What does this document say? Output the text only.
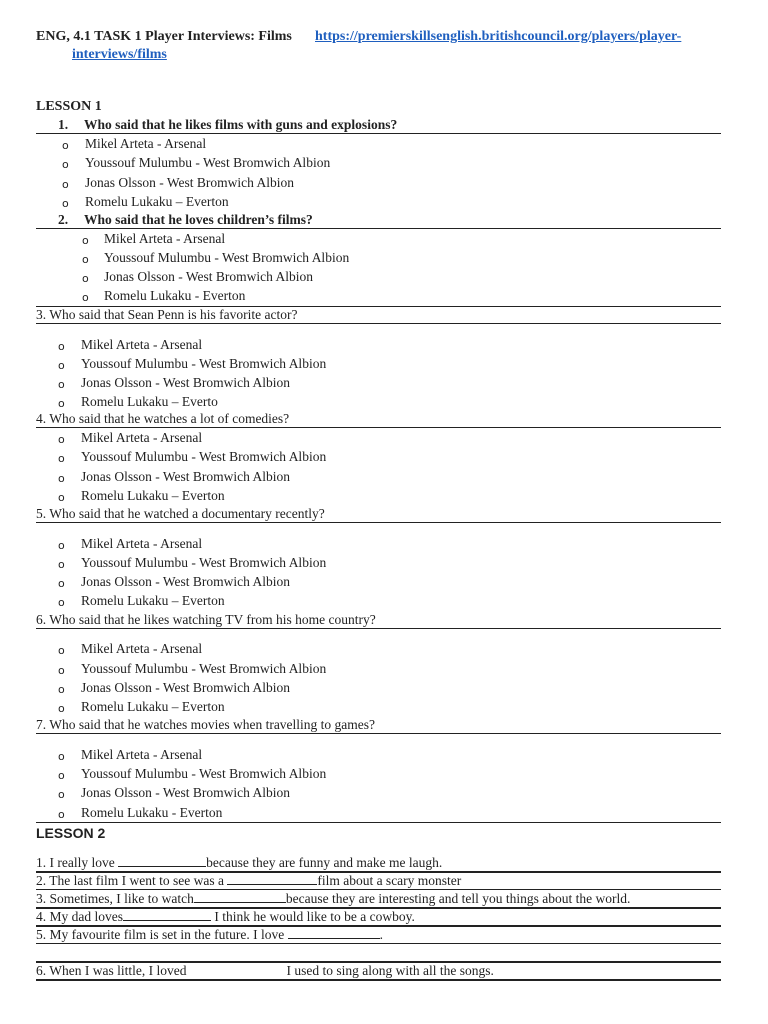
ENG, 4.1 TASK 1 Player Interviews: Films https://premierskillsenglish.britishcouncil.org/players/player-
interviews/films
LESSON 1
1. Who said that he likes films with guns and explosions?
o Mikel Arteta - Arsenal
o Youssouf Mulumbu - West Bromwich Albion
o Jonas Olsson - West Bromwich Albion
o Romelu Lukaku – Everton
2. Who said that he loves children’s films?
o Mikel Arteta - Arsenal
o Youssouf Mulumbu - West Bromwich Albion
o Jonas Olsson - West Bromwich Albion
o Romelu Lukaku - Everton
3. Who said that Sean Penn is his favorite actor?
o Mikel Arteta - Arsenal
o Youssouf Mulumbu - West Bromwich Albion
o Jonas Olsson - West Bromwich Albion
o Romelu Lukaku – Everto
4. Who said that he watches a lot of comedies?
o Mikel Arteta - Arsenal
o Youssouf Mulumbu - West Bromwich Albion
o Jonas Olsson - West Bromwich Albion
o Romelu Lukaku – Everton
5. Who said that he watched a documentary recently?
o Mikel Arteta - Arsenal
o Youssouf Mulumbu - West Bromwich Albion
o Jonas Olsson - West Bromwich Albion
o Romelu Lukaku – Everton
6. Who said that he likes watching TV from his home country?
o Mikel Arteta - Arsenal
o Youssouf Mulumbu - West Bromwich Albion
o Jonas Olsson - West Bromwich Albion
o Romelu Lukaku – Everton
7. Who said that he watches movies when travelling to games?
o Mikel Arteta - Arsenal
o Youssouf Mulumbu - West Bromwich Albion
o Jonas Olsson - West Bromwich Albion
o Romelu Lukaku - Everton
LESSON 2
1. I really love	because they are funny and make me laugh.
2. The last film I went to see was a	film about a scary monster
3. Sometimes, I like to watch	because they are interesting and tell you things about the world.
4. My dad loves	I think he would like to be a cowboy.
5. My favourite film is set in the future. I love	.
6. When I was little, I loved	I used to sing along with all the songs.
